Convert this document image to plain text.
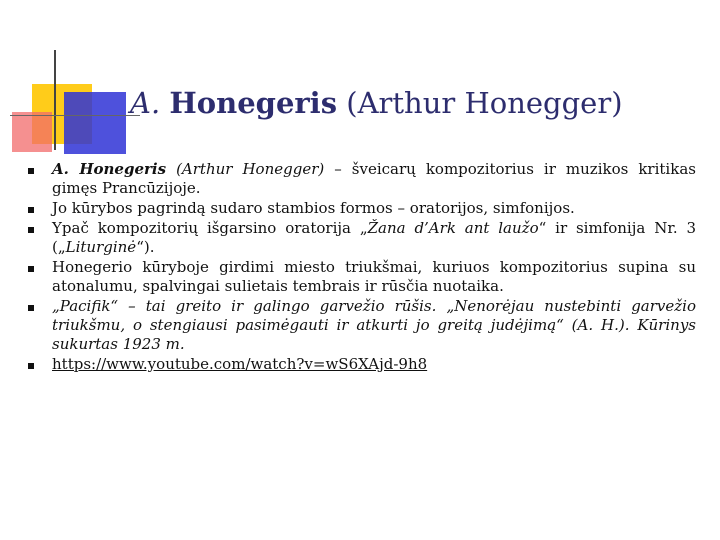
A. Honegeris (Arthur Honegger)
A. Honegeris (Arthur Honegger) – šveicarų kompozitorius ir muzikos kritikas gimęs Prancūzijoje.
Jo kūrybos pagrindą sudaro stambios formos – oratorijos, simfonijos.
Ypač kompozitorių išgarsino oratorija „Žana d’Ark ant laužo“ ir simfonija Nr. 3 („Liturginė“).
Honegerio kūryboje girdimi miesto triukšmai, kuriuos kompozitorius supina su atonalumu, spalvingai sulietais tembrais ir rūsčia nuotaika.
„Pacifik“ – tai greito ir galingo garvežio rūšis. „Nenorėjau nustebinti garvežio triukšmu, o stengiausi pasimėgauti ir atkurti jo greitą judėjimą“ (A. H.). Kūrinys sukurtas 1923 m.
https://www.youtube.com/watch?v=wS6XAjd-9h8
